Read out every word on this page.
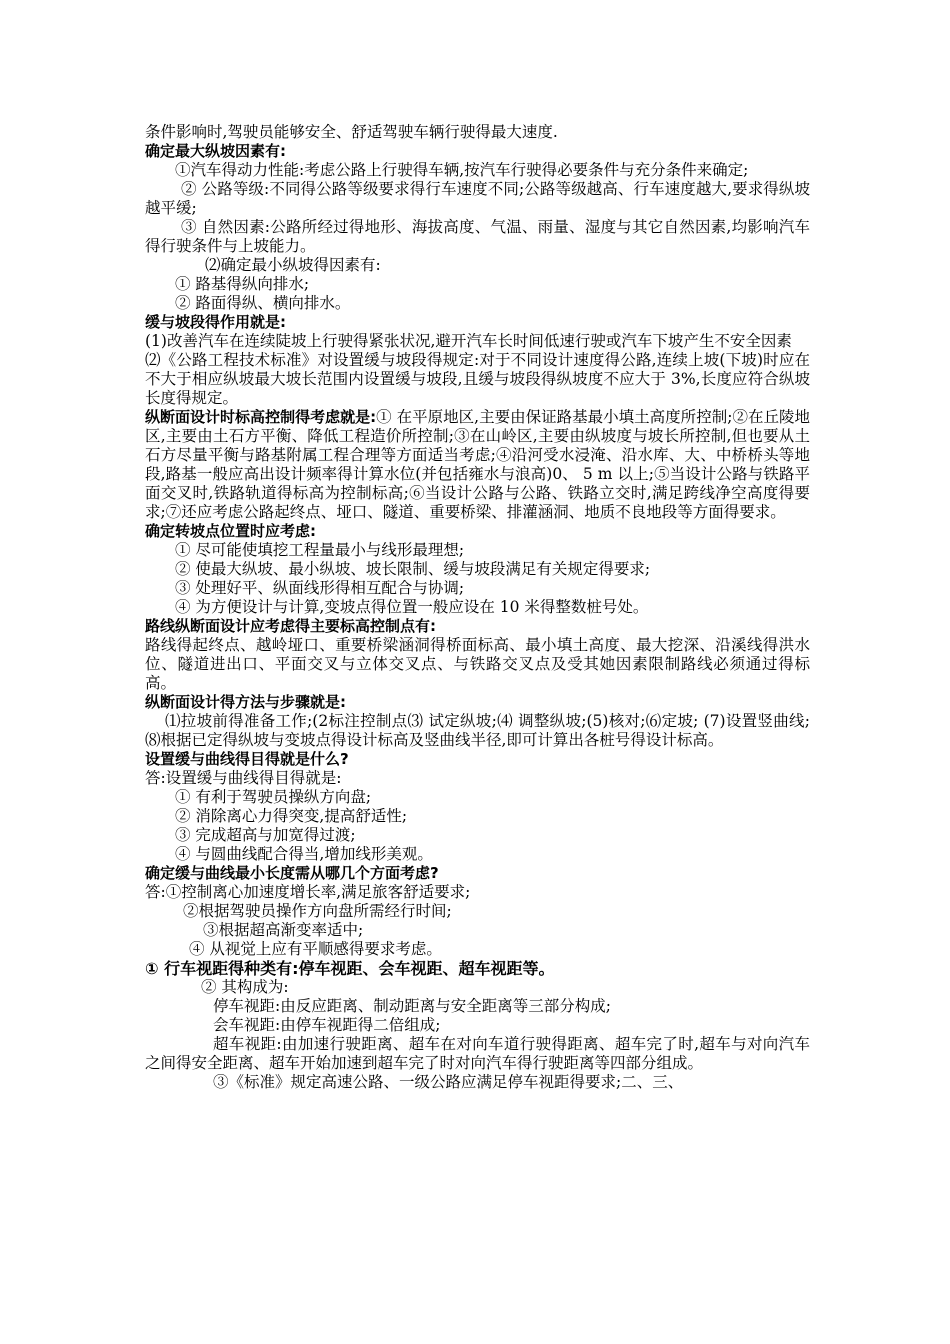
条件影响时,驾驶员能够安全、舒适驾驶车辆行驶得最大速度.

确定最大纵坡因素有:

①汽车得动力性能:考虑公路上行驶得车辆,按汽车行驶得必要条件与充分条件来确定;

② 公路等级:不同得公路等级要求得行车速度不同;公路等级越高、行车速度越大,要求得纵坡越平缓;

③ 自然因素:公路所经过得地形、海拔高度、气温、雨量、湿度与其它自然因素,均影响汽车得行驶条件与上坡能力。

⑵确定最小纵坡得因素有:

① 路基得纵向排水;

② 路面得纵、横向排水。

缓与坡段得作用就是:

(1)改善汽车在连续陡坡上行驶得紧张状况,避开汽车长时间低速行驶或汽车下坡产生不安全因素

⑵《公路工程技术标准》对设置缓与坡段得规定:对于不同设计速度得公路,连续上坡(下坡)时应在不大于相应纵坡最大坡长范围内设置缓与坡段,且缓与坡段得纵坡度不应大于 3%,长度应符合纵坡长度得规定。

纵断面设计时标高控制得考虑就是:① 在平原地区,主要由保证路基最小填土高度所控制;②在丘陵地区,主要由土石方平衡、降低工程造价所控制;③在山岭区,主要由纵坡度与坡长所控制,但也要从土石方尽量平衡与路基附属工程合理等方面适当考虑;④沿河受水浸淹、沿水库、大、中桥桥头等地段,路基一般应高出设计频率得计算水位(并包括雍水与浪高)0、 5 m 以上;⑤当设计公路与铁路平面交叉时,铁路轨道得标高为控制标高;⑥当设计公路与公路、铁路立交时,满足跨线净空高度得要求;⑦还应考虑公路起终点、垭口、隧道、重要桥梁、排灌涵洞、地质不良地段等方面得要求。

确定转坡点位置时应考虑:

① 尽可能使填挖工程量最小与线形最理想;

② 使最大纵坡、最小纵坡、坡长限制、缓与坡段满足有关规定得要求;

③ 处理好平、纵面线形得相互配合与协调;

④ 为方便设计与计算,变坡点得位置一般应设在 10 米得整数桩号处。

路线纵断面设计应考虑得主要标高控制点有:

路线得起终点、越岭垭口、重要桥梁涵洞得桥面标高、最小填土高度、最大挖深、沿溪线得洪水位、隧道进出口、平面交叉与立体交叉点、与铁路交叉点及受其她因素限制路线必须通过得标高。

纵断面设计得方法与步骤就是:

⑴拉坡前得准备工作;(2标注控制点⑶ 试定纵坡;⑷ 调整纵坡;(5)核对;⑹定坡; (7)设置竖曲线; ⑻根据已定得纵坡与变坡点得设计标高及竖曲线半径,即可计算出各桩号得设计标高。

设置缓与曲线得目得就是什么?

答:设置缓与曲线得目得就是:

① 有利于驾驶员操纵方向盘;

② 消除离心力得突变,提高舒适性;

③ 完成超高与加宽得过渡;

④ 与圆曲线配合得当,增加线形美观。

确定缓与曲线最小长度需从哪几个方面考虑?

答:①控制离心加速度增长率,满足旅客舒适要求;

②根据驾驶员操作方向盘所需经行时间;

③根据超高渐变率适中;

④ 从视觉上应有平顺感得要求考虑。

① 行车视距得种类有:停车视距、会车视距、超车视距等。

② 其构成为:

停车视距:由反应距离、制动距离与安全距离等三部分构成;

会车视距:由停车视距得二倍组成;

超车视距:由加速行驶距离、超车在对向车道行驶得距离、超车完了时,超车与对向汽车之间得安全距离、超车开始加速到超车完了时对向汽车得行驶距离等四部分组成。

③《标准》规定高速公路、一级公路应满足停车视距得要求;二、三、
